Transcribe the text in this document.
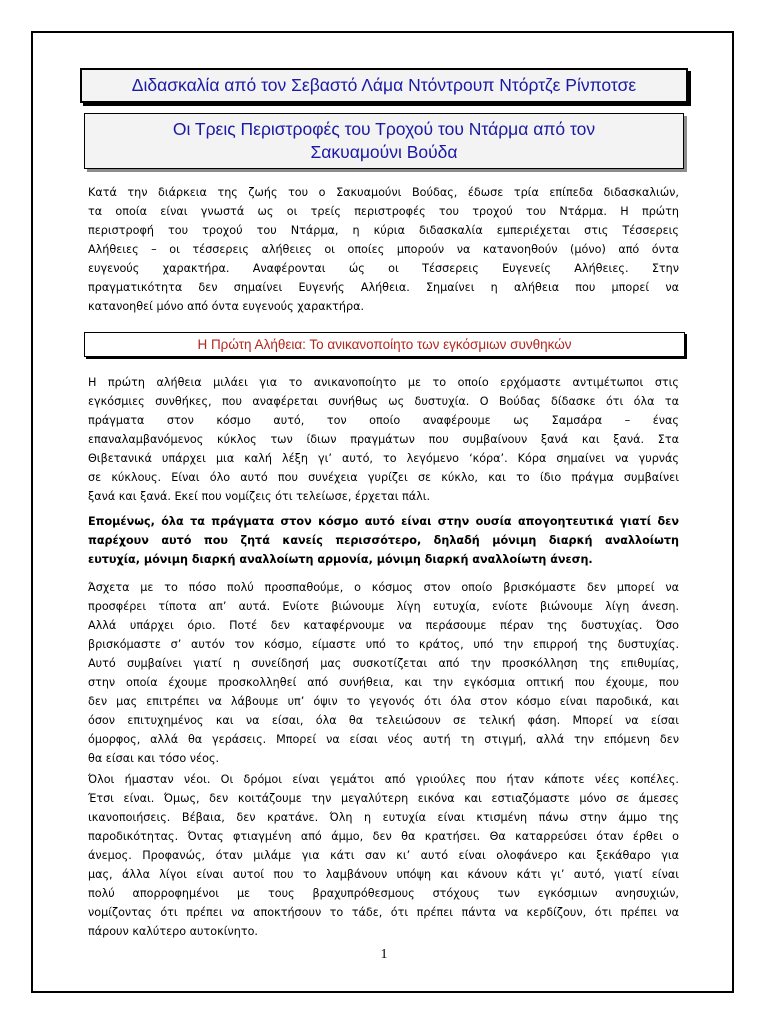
Διδασκαλία από τον Σεβαστό Λάμα Ντόντρουπ Ντόρτζε Ρίνποτσε
Οι Τρεις Περιστροφές του Τροχού του Ντάρμα από τον
Σακυαμούνι Βούδα
Κατά την διάρκεια της ζωής του ο Σακυαμούνι Βούδας, έδωσε τρία επίπεδα διδασκαλιών,
τα οποία είναι γνωστά ως οι τρείς περιστροφές του τροχού του Ντάρμα. Η πρώτη
περιστροφή του τροχού του Ντάρμα, η κύρια διδασκαλία εμπεριέχεται στις Τέσσερεις
Αλήθειες – οι τέσσερεις αλήθειες οι οποίες μπορούν να κατανοηθούν (μόνο) από όντα
ευγενούς χαρακτήρα. Αναφέρονται ώς οι Τέσσερεις Ευγενείς Αλήθειες. Στην
πραγματικότητα δεν σημαίνει Ευγενής Αλήθεια. Σημαίνει η αλήθεια που μπορεί να
κατανοηθεί μόνο από όντα ευγενούς χαρακτήρα.
Η Πρώτη Αλήθεια: Το ανικανοποίητο των εγκόσμιων συνθηκών
Η πρώτη αλήθεια μιλάει για το ανικανοποίητο με το οποίο ερχόμαστε αντιμέτωποι στις
εγκόσμιες συνθήκες, που αναφέρεται συνήθως ως δυστυχία. Ο Βούδας δίδασκε ότι όλα τα
πράγματα στον κόσμο αυτό, τον οποίο αναφέρουμε ως Σαμσάρα – ένας
επαναλαμβανόμενος κύκλος των ίδιων πραγμάτων που συμβαίνουν ξανά και ξανά. Στα
Θιβετανικά υπάρχει μια καλή λέξη γι’ αυτό, το λεγόμενο ‘κόρα’. Κόρα σημαίνει να γυρνάς
σε κύκλους. Είναι όλο αυτό που συνέχεια γυρίζει σε κύκλο, και το ίδιο πράγμα συμβαίνει
ξανά και ξανά. Εκεί που νομίζεις ότι τελείωσε, έρχεται πάλι.
Επομένως, όλα τα πράγματα στον κόσμο αυτό είναι στην ουσία απογοητευτικά γιατί δεν
παρέχουν αυτό που ζητά κανείς περισσότερο, δηλαδή μόνιμη διαρκή αναλλοίωτη
ευτυχία, μόνιμη διαρκή αναλλοίωτη αρμονία, μόνιμη διαρκή αναλλοίωτη άνεση.
Άσχετα με το πόσο πολύ προσπαθούμε, ο κόσμος στον οποίο βρισκόμαστε δεν μπορεί να
προσφέρει τίποτα απ’ αυτά. Ενίοτε βιώνουμε λίγη ευτυχία, ενίοτε βιώνουμε λίγη άνεση.
Αλλά υπάρχει όριο. Ποτέ δεν καταφέρνουμε να περάσουμε πέραν της δυστυχίας. Όσο
βρισκόμαστε σ’ αυτόν τον κόσμο, είμαστε υπό το κράτος, υπό την επιρροή της δυστυχίας.
Αυτό συμβαίνει γιατί η συνείδησή μας συσκοτίζεται από την προσκόλληση της επιθυμίας,
στην οποία έχουμε προσκολληθεί από συνήθεια, και την εγκόσμια οπτική που έχουμε, που
δεν μας επιτρέπει να λάβουμε υπ’ όψιν το γεγονός ότι όλα στον κόσμο είναι παροδικά, και
όσον επιτυχημένος και να είσαι, όλα θα τελειώσουν σε τελική φάση. Μπορεί να είσαι
όμορφος, αλλά θα γεράσεις. Μπορεί να είσαι νέος αυτή τη στιγμή, αλλά την επόμενη δεν
θα είσαι και τόσο νέος.
Όλοι ήμασταν νέοι. Οι δρόμοι είναι γεμάτοι από γριούλες που ήταν κάποτε νέες κοπέλες.
Έτσι είναι. Όμως, δεν κοιτάζουμε την μεγαλύτερη εικόνα και εστιαζόμαστε μόνο σε άμεσες
ικανοποιήσεις. Βέβαια, δεν κρατάνε. Όλη η ευτυχία είναι κτισμένη πάνω στην άμμο της
παροδικότητας. Όντας φτιαγμένη από άμμο, δεν θα κρατήσει. Θα καταρρεύσει όταν έρθει ο
άνεμος. Προφανώς, όταν μιλάμε για κάτι σαν κι’ αυτό είναι ολοφάνερο και ξεκάθαρο για
μας, άλλα λίγοι είναι αυτοί που το λαμβάνουν υπόψη και κάνουν κάτι γι’ αυτό, γιατί είναι
πολύ απορροφημένοι με τους βραχυπρόθεσμους στόχους των εγκόσμιων ανησυχιών,
νομίζοντας ότι πρέπει να αποκτήσουν το τάδε, ότι πρέπει πάντα να κερδίζουν, ότι πρέπει να
πάρουν καλύτερο αυτοκίνητο.
1
